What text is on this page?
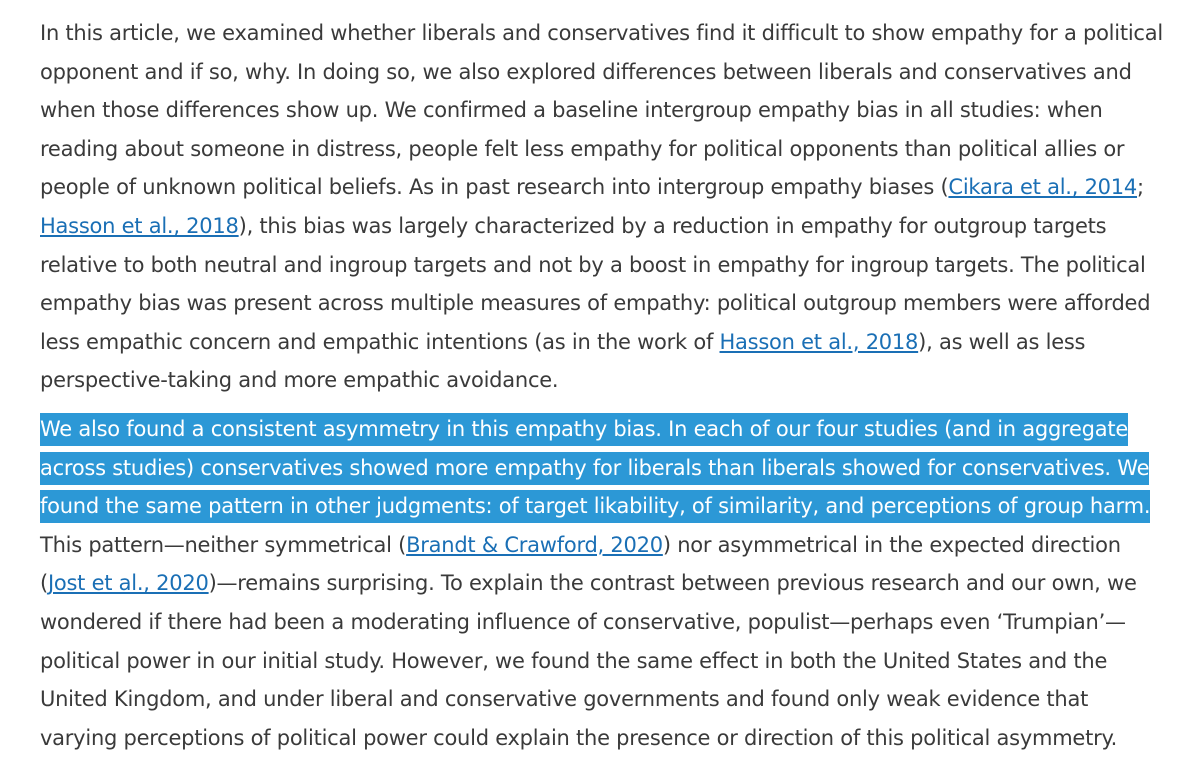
In this article, we examined whether liberals and conservatives find it difficult to show empathy for a political
opponent and if so, why. In doing so, we also explored differences between liberals and conservatives and
when those differences show up. We confirmed a baseline intergroup empathy bias in all studies: when
reading about someone in distress, people felt less empathy for political opponents than political allies or
people of unknown political beliefs. As in past research into intergroup empathy biases (Cikara et al., 2014;
Hasson et al., 2018), this bias was largely characterized by a reduction in empathy for outgroup targets
relative to both neutral and ingroup targets and not by a boost in empathy for ingroup targets. The political
empathy bias was present across multiple measures of empathy: political outgroup members were afforded
less empathic concern and empathic intentions (as in the work of Hasson et al., 2018), as well as less
perspective-taking and more empathic avoidance.

We also found a consistent asymmetry in this empathy bias. In each of our four studies (and in aggregate
across studies) conservatives showed more empathy for liberals than liberals showed for conservatives. We
found the same pattern in other judgments: of target likability, of similarity, and perceptions of group harm.
This pattern—neither symmetrical (Brandt & Crawford, 2020) nor asymmetrical in the expected direction
(Jost et al., 2020)—remains surprising. To explain the contrast between previous research and our own, we
wondered if there had been a moderating influence of conservative, populist—perhaps even ‘Trumpian’—
political power in our initial study. However, we found the same effect in both the United States and the
United Kingdom, and under liberal and conservative governments and found only weak evidence that
varying perceptions of political power could explain the presence or direction of this political asymmetry.
